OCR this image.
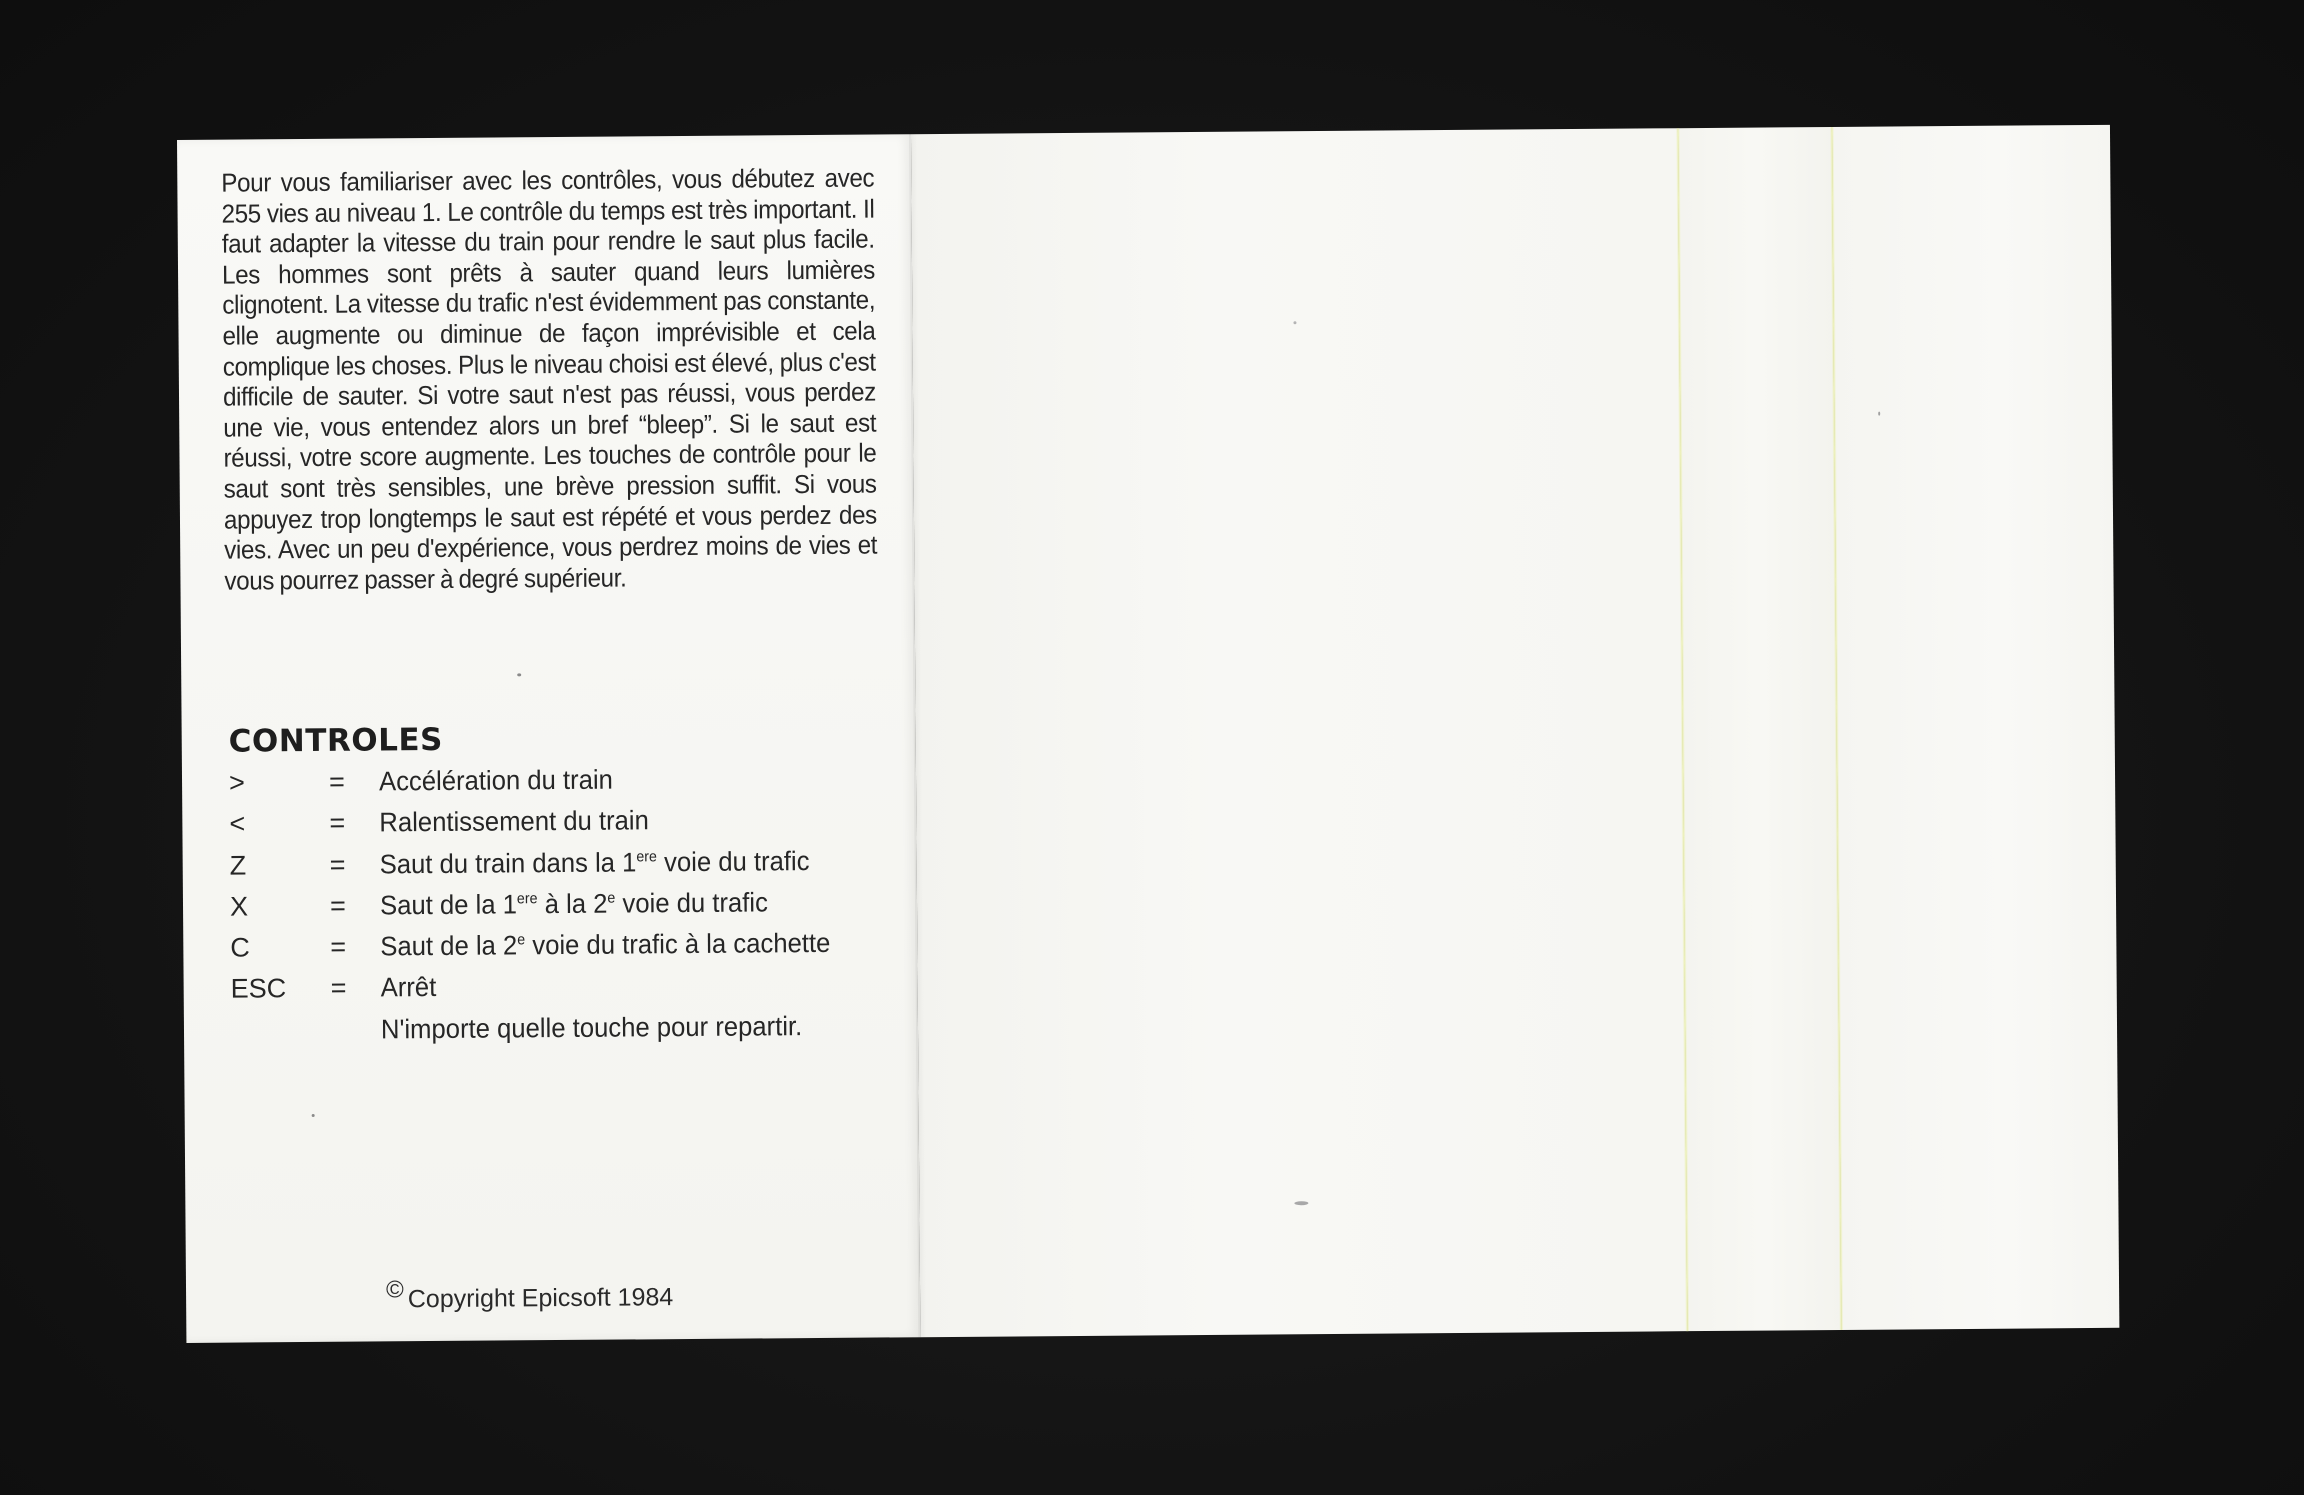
Pour vous familiariser avec les contrôles, vous débutez avec 255 vies au niveau 1. Le contrôle du temps est très important. Il faut adapter la vitesse du train pour rendre le saut plus facile. Les hommes sont prêts à sauter quand leurs lumières clignotent. La vitesse du trafic n'est évidemment pas constante, elle augmente ou diminue de façon imprévisible et cela complique les choses. Plus le niveau choisi est élevé, plus c'est difficile de sauter. Si votre saut n'est pas réussi, vous perdez une vie, vous entendez alors un bref “bleep”. Si le saut est réussi, votre score augmente. Les touches de contrôle pour le saut sont très sensibles, une brève pression suffit. Si vous appuyez trop longtemps le saut est répété et vous perdez des vies. Avec un peu d'expérience, vous perdrez moins de vies et vous pourrez passer à degré supérieur.

CONTROLES
>	=	Accélération du train
<	=	Ralentissement du train
Z	=	Saut du train dans la 1ere voie du trafic
X	=	Saut de la 1ere à la 2e voie du trafic
C	=	Saut de la 2e voie du trafic à la cachette
ESC	=	Arrêt
N'importe quelle touche pour repartir.
© Copyright Epicsoft 1984
